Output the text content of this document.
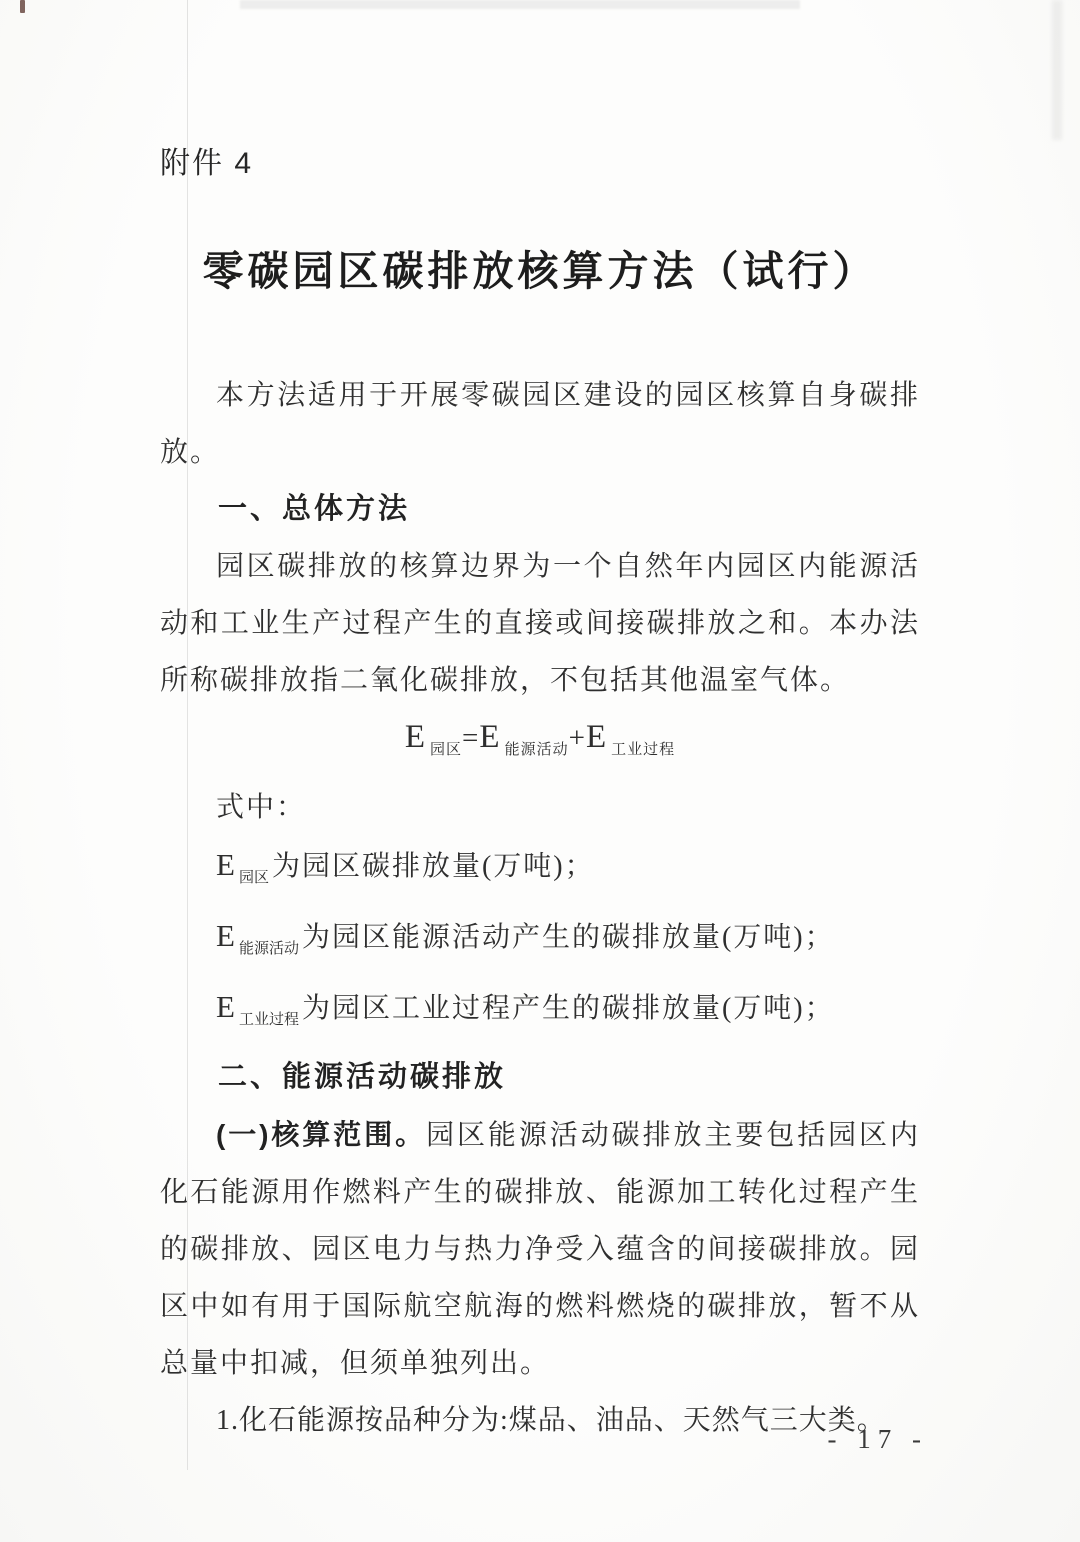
附件 4
零碳园区碳排放核算方法（试行）

本方法适用于开展零碳园区建设的园区核算自身碳排放。

一、总体方法

园区碳排放的核算边界为一个自然年内园区内能源活动和工业生产过程产生的直接或间接碳排放之和。本办法所称碳排放指二氧化碳排放，不包括其他温室气体。

E $_{园区}$=E $_{能源活动}$+E $_{工业过程}$

式中：

E $_{园区}$ 为园区碳排放量(万吨)；

E $_{能源活动}$ 为园区能源活动产生的碳排放量(万吨)；

E $_{工业过程}$ 为园区工业过程产生的碳排放量(万吨)；

二、能源活动碳排放

(一)核算范围。园区能源活动碳排放主要包括园区内化石能源用作燃料产生的碳排放、能源加工转化过程产生的碳排放、园区电力与热力净受入蕴含的间接碳排放。园区中如有用于国际航空航海的燃料燃烧的碳排放，暂不从总量中扣减，但须单独列出。

1.化石能源按品种分为:煤品、油品、天然气三大类。

- 17 -
